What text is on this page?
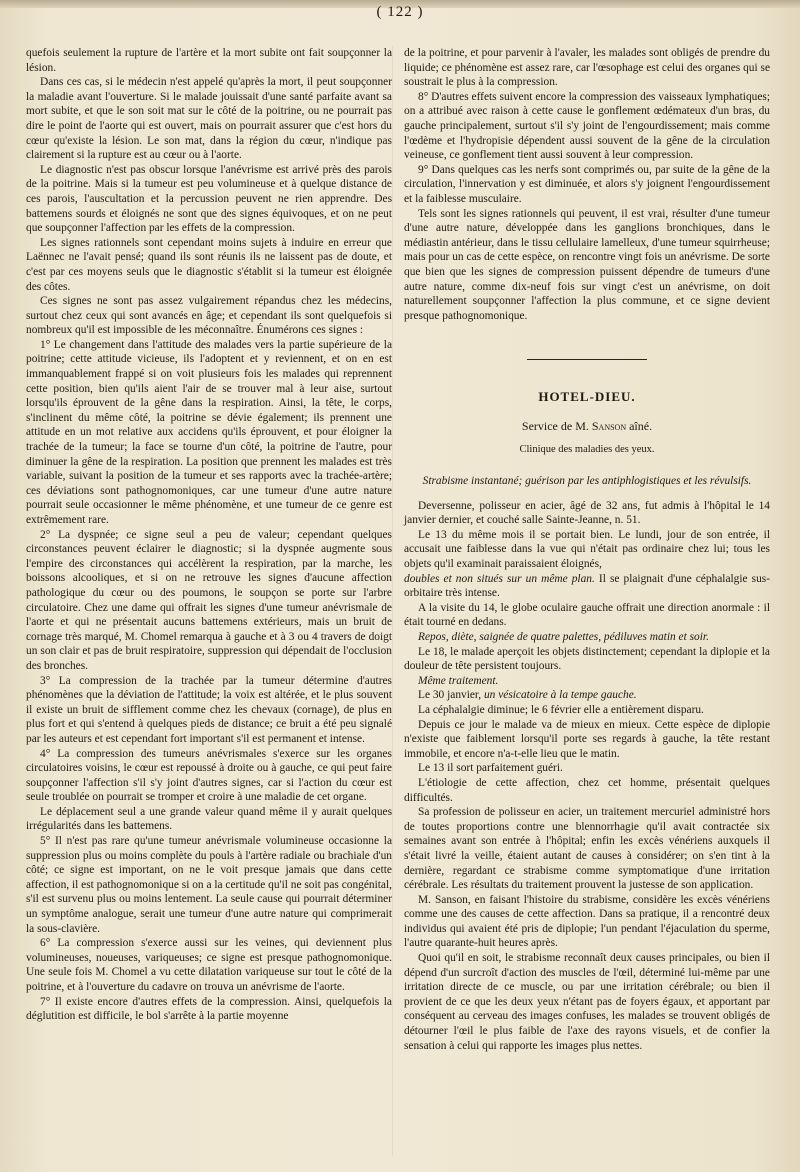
( 122 )

quefois seulement la rupture de l'artère et la mort subite ont fait soupçonner la lésion.

Dans ces cas, si le médecin n'est appelé qu'après la mort, il peut soupçonner la maladie avant l'ouverture. Si le malade jouissait d'une santé parfaite avant sa mort subite, et que le son soit mat sur le côté de la poitrine, ou ne pourrait pas dire le point de l'aorte qui est ouvert, mais on pourrait assurer que c'est hors du cœur qu'existe la lésion. Le son mat, dans la région du cœur, n'indique pas clairement si la rupture est au cœur ou à l'aorte.

Le diagnostic n'est pas obscur lorsque l'anévrisme est arrivé près des parois de la poitrine. Mais si la tumeur est peu volumineuse et à quelque distance de ces parois, l'auscultation et la percussion peuvent ne rien apprendre. Des battemens sourds et éloignés ne sont que des signes équivoques, et on ne peut que soupçonner l'affection par les effets de la compression.

Les signes rationnels sont cependant moins sujets à induire en erreur que Laënnec ne l'avait pensé; quand ils sont réunis ils ne laissent pas de doute, et c'est par ces moyens seuls que le diagnostic s'établit si la tumeur est éloignée des côtes.

Ces signes ne sont pas assez vulgairement répandus chez les médecins, surtout chez ceux qui sont avancés en âge; et cependant ils sont quelquefois si nombreux qu'il est impossible de les méconnaître. Énumérons ces signes :

1° Le changement dans l'attitude des malades vers la partie supérieure de la poitrine; cette attitude vicieuse, ils l'adoptent et y reviennent, et on en est immanquablement frappé si on voit plusieurs fois les malades qui reprennent cette position, bien qu'ils aient l'air de se trouver mal à leur aise, surtout lorsqu'ils éprouvent de la gêne dans la respiration. Ainsi, la tête, le corps, s'inclinent du même côté, la poitrine se dévie également; ils prennent une attitude en un mot relative aux accidens qu'ils éprouvent, et pour éloigner la trachée de la tumeur; la face se tourne d'un côté, la poitrine de l'autre, pour diminuer la gêne de la respiration. La position que prennent les malades est très variable, suivant la position de la tumeur et ses rapports avec la trachée-artère; ces déviations sont pathognomoniques, car une tumeur d'une autre nature pourrait seule occasionner le même phénomène, et une tumeur de ce genre est extrêmement rare.

2° La dyspnée; ce signe seul a peu de valeur; cependant quelques circonstances peuvent éclairer le diagnostic; si la dyspnée augmente sous l'empire des circonstances qui accélèrent la respiration, par la marche, les boissons alcooliques, et si on ne retrouve les signes d'aucune affection pathologique du cœur ou des poumons, le soupçon se porte sur l'arbre circulatoire. Chez une dame qui offrait les signes d'une tumeur anévrismale de l'aorte et qui ne présentait aucuns battemens extérieurs, mais un bruit de cornage très marqué, M. Chomel remarqua à gauche et à 3 ou 4 travers de doigt un son clair et pas de bruit respiratoire, suppression qui dépendait de l'occlusion des bronches.

3° La compression de la trachée par la tumeur détermine d'autres phénomènes que la déviation de l'attitude; la voix est altérée, et le plus souvent il existe un bruit de sifflement comme chez les chevaux (cornage), de plus en plus fort et qui s'entend à quelques pieds de distance; ce bruit a été peu signalé par les auteurs et est cependant fort important s'il est permanent et intense.

4° La compression des tumeurs anévrismales s'exerce sur les organes circulatoires voisins, le cœur est repoussé à droite ou à gauche, ce qui peut faire soupçonner l'affection s'il s'y joint d'autres signes, car si l'action du cœur est seule troublée on pourrait se tromper et croire à une maladie de cet organe.

Le déplacement seul a une grande valeur quand même il y aurait quelques irrégularités dans les battemens.

5° Il n'est pas rare qu'une tumeur anévrismale volumineuse occasionne la suppression plus ou moins complète du pouls à l'artère radiale ou brachiale d'un côté; ce signe est important, on ne le voit presque jamais que dans cette affection, il est pathognomonique si on a la certitude qu'il ne soit pas congénital, s'il est survenu plus ou moins lentement. La seule cause qui pourrait déterminer un symptôme analogue, serait une tumeur d'une autre nature qui comprimerait la sous-clavière.

6° La compression s'exerce aussi sur les veines, qui deviennent plus volumineuses, noueuses, variqueuses; ce signe est presque pathognomonique. Une seule fois M. Chomel a vu cette dilatation variqueuse sur tout le côté de la poitrine, et à l'ouverture du cadavre on trouva un anévrisme de l'aorte.

7° Il existe encore d'autres effets de la compression. Ainsi, quelquefois la déglutition est difficile, le bol s'arrête à la partie moyenne

de la poitrine, et pour parvenir à l'avaler, les malades sont obligés de prendre du liquide; ce phénomène est assez rare, car l'œsophage est celui des organes qui se soustrait le plus à la compression.

8° D'autres effets suivent encore la compression des vaisseaux lymphatiques; on a attribué avec raison à cette cause le gonflement œdémateux d'un bras, du gauche principalement, surtout s'il s'y joint de l'engourdissement; mais comme l'œdème et l'hydropisie dépendent aussi souvent de la gêne de la circulation veineuse, ce gonflement tient aussi souvent à leur compression.

9° Dans quelques cas les nerfs sont comprimés ou, par suite de la gêne de la circulation, l'innervation y est diminuée, et alors s'y joignent l'engourdissement et la faiblesse musculaire.

Tels sont les signes rationnels qui peuvent, il est vrai, résulter d'une tumeur d'une autre nature, développée dans les ganglions bronchiques, dans le médiastin antérieur, dans le tissu cellulaire lamelleux, d'une tumeur squirrheuse; mais pour un cas de cette espèce, on rencontre vingt fois un anévrisme. De sorte que bien que les signes de compression puissent dépendre de tumeurs d'une autre nature, comme dix-neuf fois sur vingt c'est un anévrisme, on doit naturellement soupçonner l'affection la plus commune, et ce signe devient presque pathognomonique.

HOTEL-DIEU.
Service de M. Sanson aîné.
Clinique des maladies des yeux.

Strabisme instantané; guérison par les antiphlogistiques et les révulsifs.

Deversenne, polisseur en acier, âgé de 32 ans, fut admis à l'hôpital le 14 janvier dernier, et couché salle Sainte-Jeanne, n. 51.

Le 13 du même mois il se portait bien. Le lundi, jour de son entrée, il accusait une faiblesse dans la vue qui n'était pas ordinaire chez lui; tous les objets qu'il examinait paraissaient éloignés,

doubles et non situés sur un même plan. Il se plaignait d'une céphalalgie sus-orbitaire très intense.

A la visite du 14, le globe oculaire gauche offrait une direction anormale : il était tourné en dedans.

Repos, diète, saignée de quatre palettes, pédiluves matin et soir.

Le 18, le malade aperçoit les objets distinctement; cependant la diplopie et la douleur de tête persistent toujours.

Même traitement.

Le 30 janvier, un vésicatoire à la tempe gauche.

La céphalalgie diminue; le 6 février elle a entièrement disparu.

Depuis ce jour le malade va de mieux en mieux. Cette espèce de diplopie n'existe que faiblement lorsqu'il porte ses regards à gauche, la tête restant immobile, et encore n'a-t-elle lieu que le matin.

Le 13 il sort parfaitement guéri.

L'étiologie de cette affection, chez cet homme, présentait quelques difficultés.

Sa profession de polisseur en acier, un traitement mercuriel administré hors de toutes proportions contre une blennorrhagie qu'il avait contractée six semaines avant son entrée à l'hôpital; enfin les excès vénériens auxquels il s'était livré la veille, étaient autant de causes à considérer; on s'en tint à la dernière, regardant ce strabisme comme symptomatique d'une irritation cérébrale. Les résultats du traitement prouvent la justesse de son application.

M. Sanson, en faisant l'histoire du strabisme, considère les excès vénériens comme une des causes de cette affection. Dans sa pratique, il a rencontré deux individus qui avaient été pris de diplopie; l'un pendant l'éjaculation du sperme, l'autre quarante-huit heures après.

Quoi qu'il en soit, le strabisme reconnaît deux causes principales, ou bien il dépend d'un surcroît d'action des muscles de l'œil, déterminé lui-même par une irritation directe de ce muscle, ou par une irritation cérébrale; ou bien il provient de ce que les deux yeux n'étant pas de foyers égaux, et apportant par conséquent au cerveau des images confuses, les malades se trouvent obligés de détourner l'œil le plus faible de l'axe des rayons visuels, et de confier la sensation à celui qui rapporte les images plus nettes.
